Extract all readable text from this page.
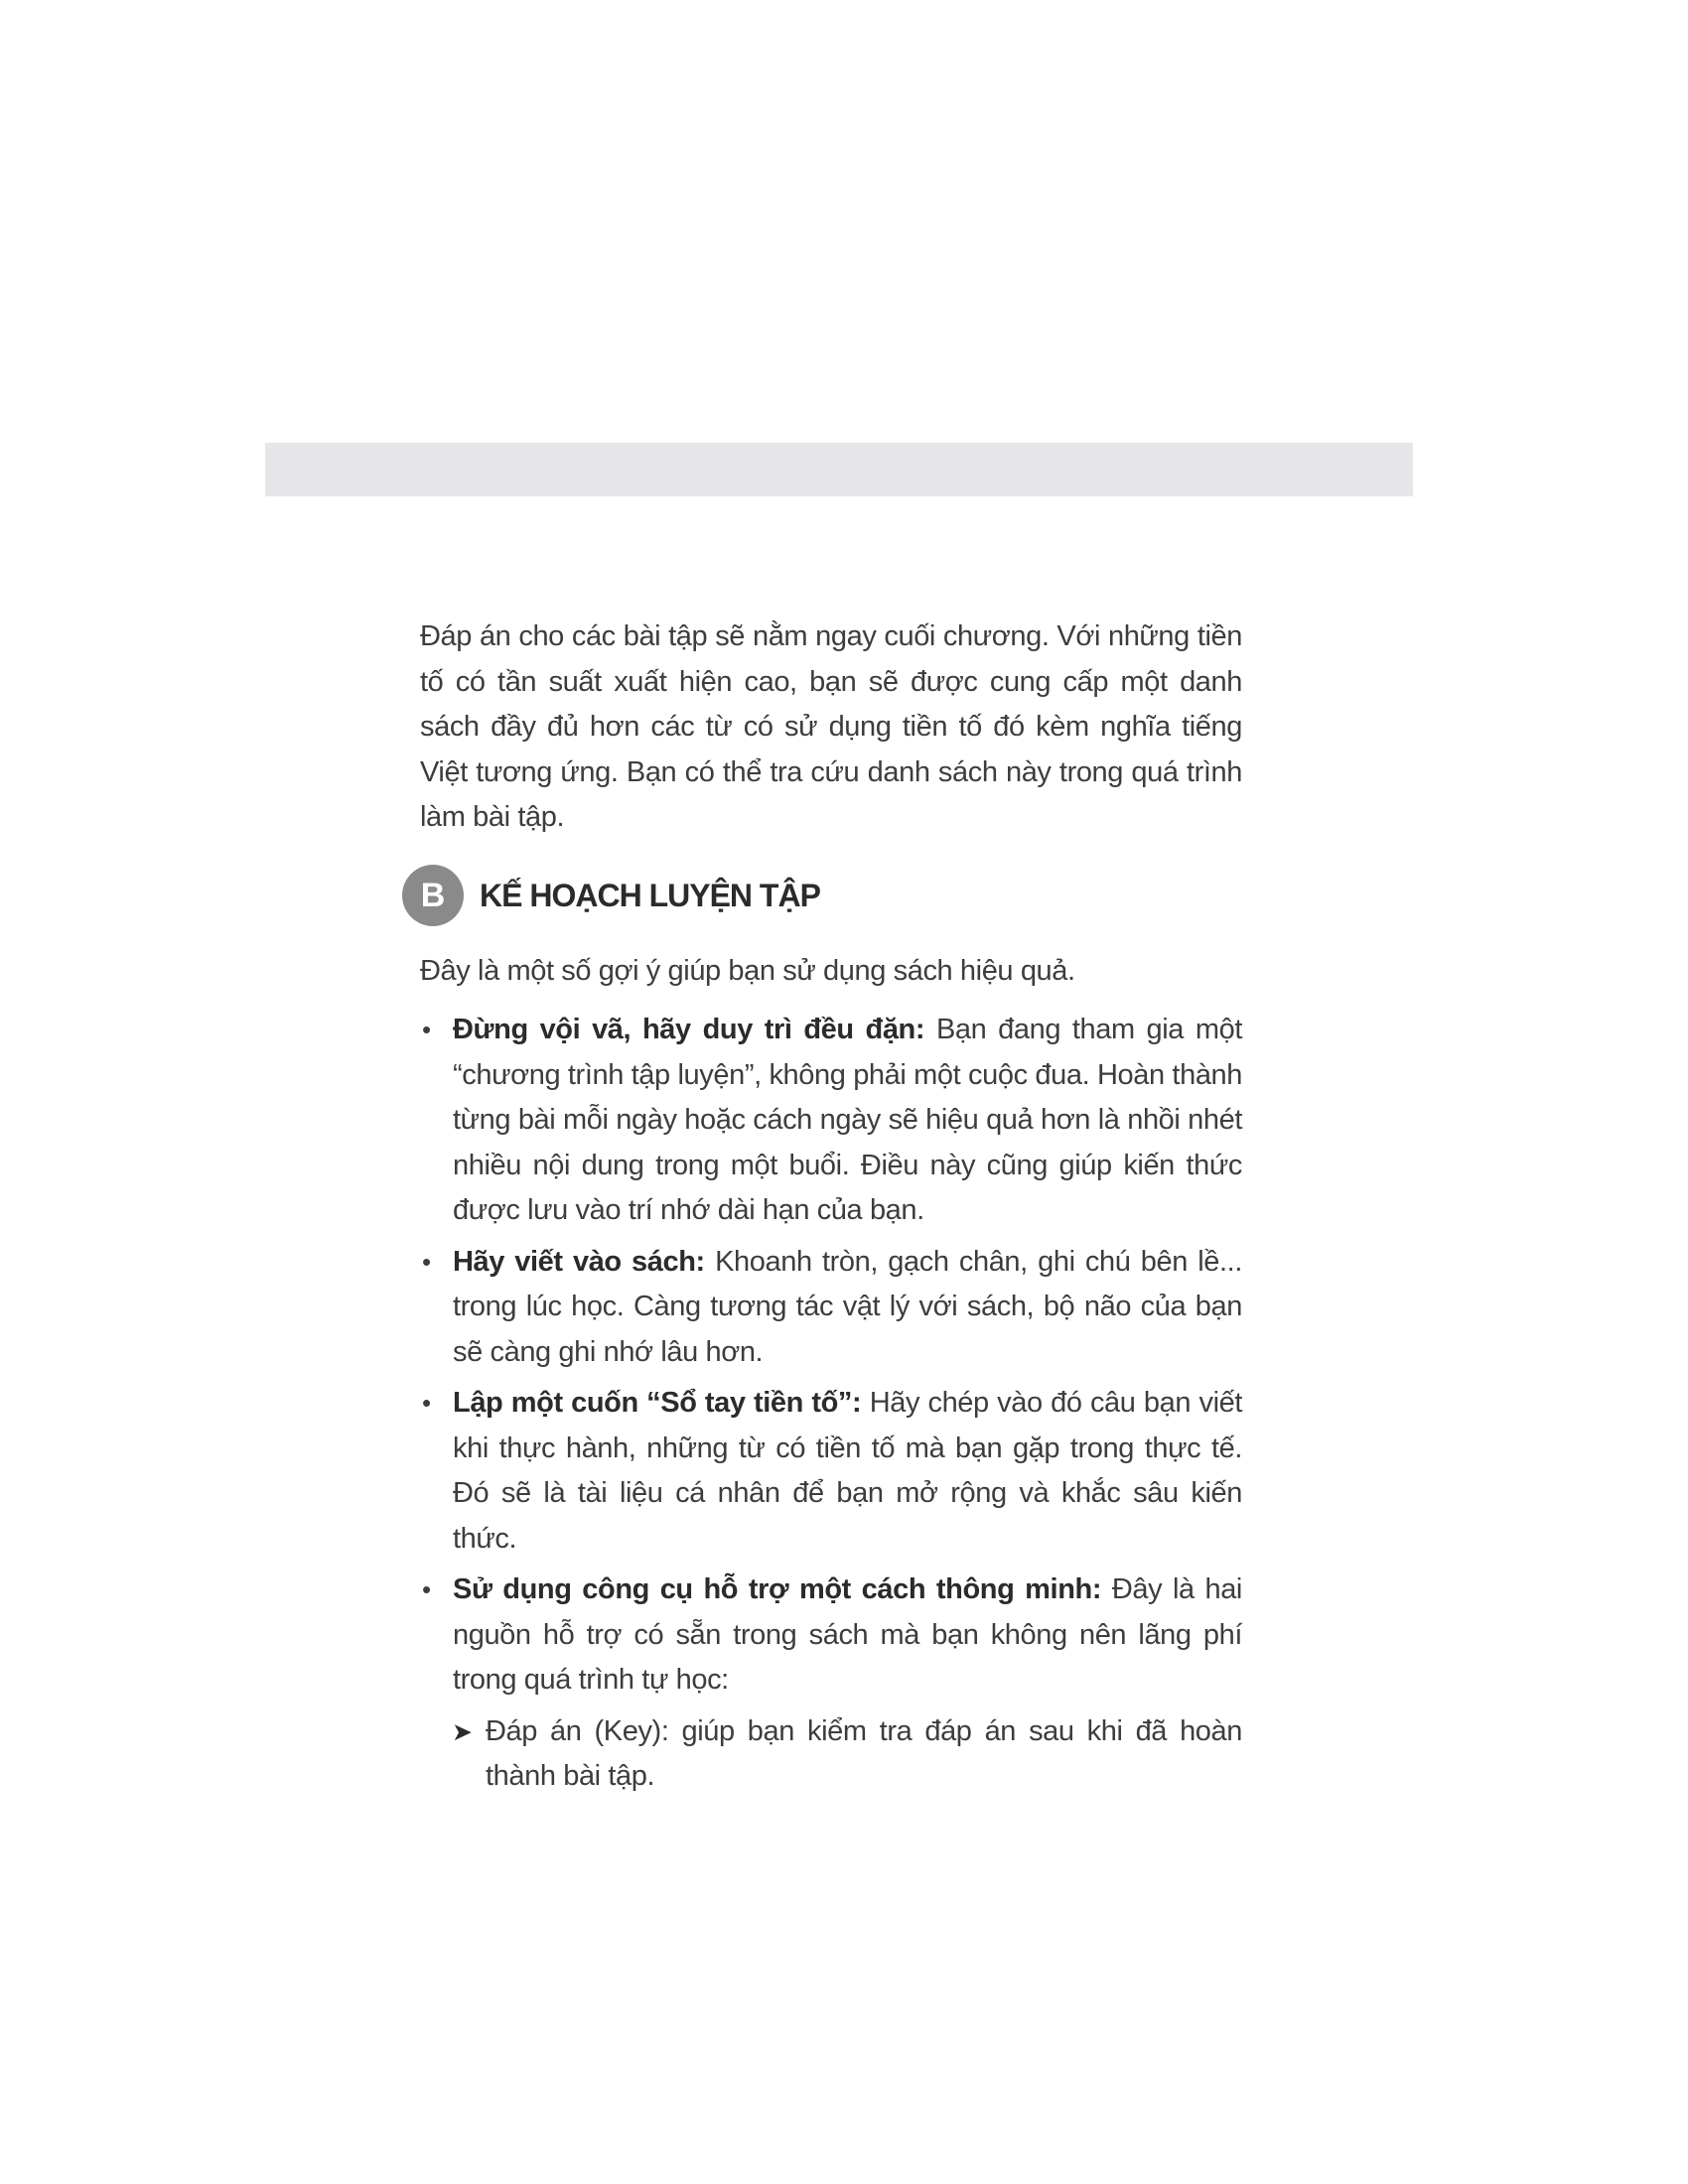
Đáp án cho các bài tập sẽ nằm ngay cuối chương. Với những tiền tố có tần suất xuất hiện cao, bạn sẽ được cung cấp một danh sách đầy đủ hơn các từ có sử dụng tiền tố đó kèm nghĩa tiếng Việt tương ứng. Bạn có thể tra cứu danh sách này trong quá trình làm bài tập.

B	KẾ HOẠCH LUYỆN TẬP

Đây là một số gợi ý giúp bạn sử dụng sách hiệu quả.

• Đừng vội vã, hãy duy trì đều đặn: Bạn đang tham gia một “chương trình tập luyện”, không phải một cuộc đua. Hoàn thành từng bài mỗi ngày hoặc cách ngày sẽ hiệu quả hơn là nhồi nhét nhiều nội dung trong một buổi. Điều này cũng giúp kiến thức được lưu vào trí nhớ dài hạn của bạn.
• Hãy viết vào sách: Khoanh tròn, gạch chân, ghi chú bên lề... trong lúc học. Càng tương tác vật lý với sách, bộ não của bạn sẽ càng ghi nhớ lâu hơn.
• Lập một cuốn “Sổ tay tiền tố”: Hãy chép vào đó câu bạn viết khi thực hành, những từ có tiền tố mà bạn gặp trong thực tế. Đó sẽ là tài liệu cá nhân để bạn mở rộng và khắc sâu kiến thức.
• Sử dụng công cụ hỗ trợ một cách thông minh: Đây là hai nguồn hỗ trợ có sẵn trong sách mà bạn không nên lãng phí trong quá trình tự học:
➤ Đáp án (Key): giúp bạn kiểm tra đáp án sau khi đã hoàn thành bài tập.
